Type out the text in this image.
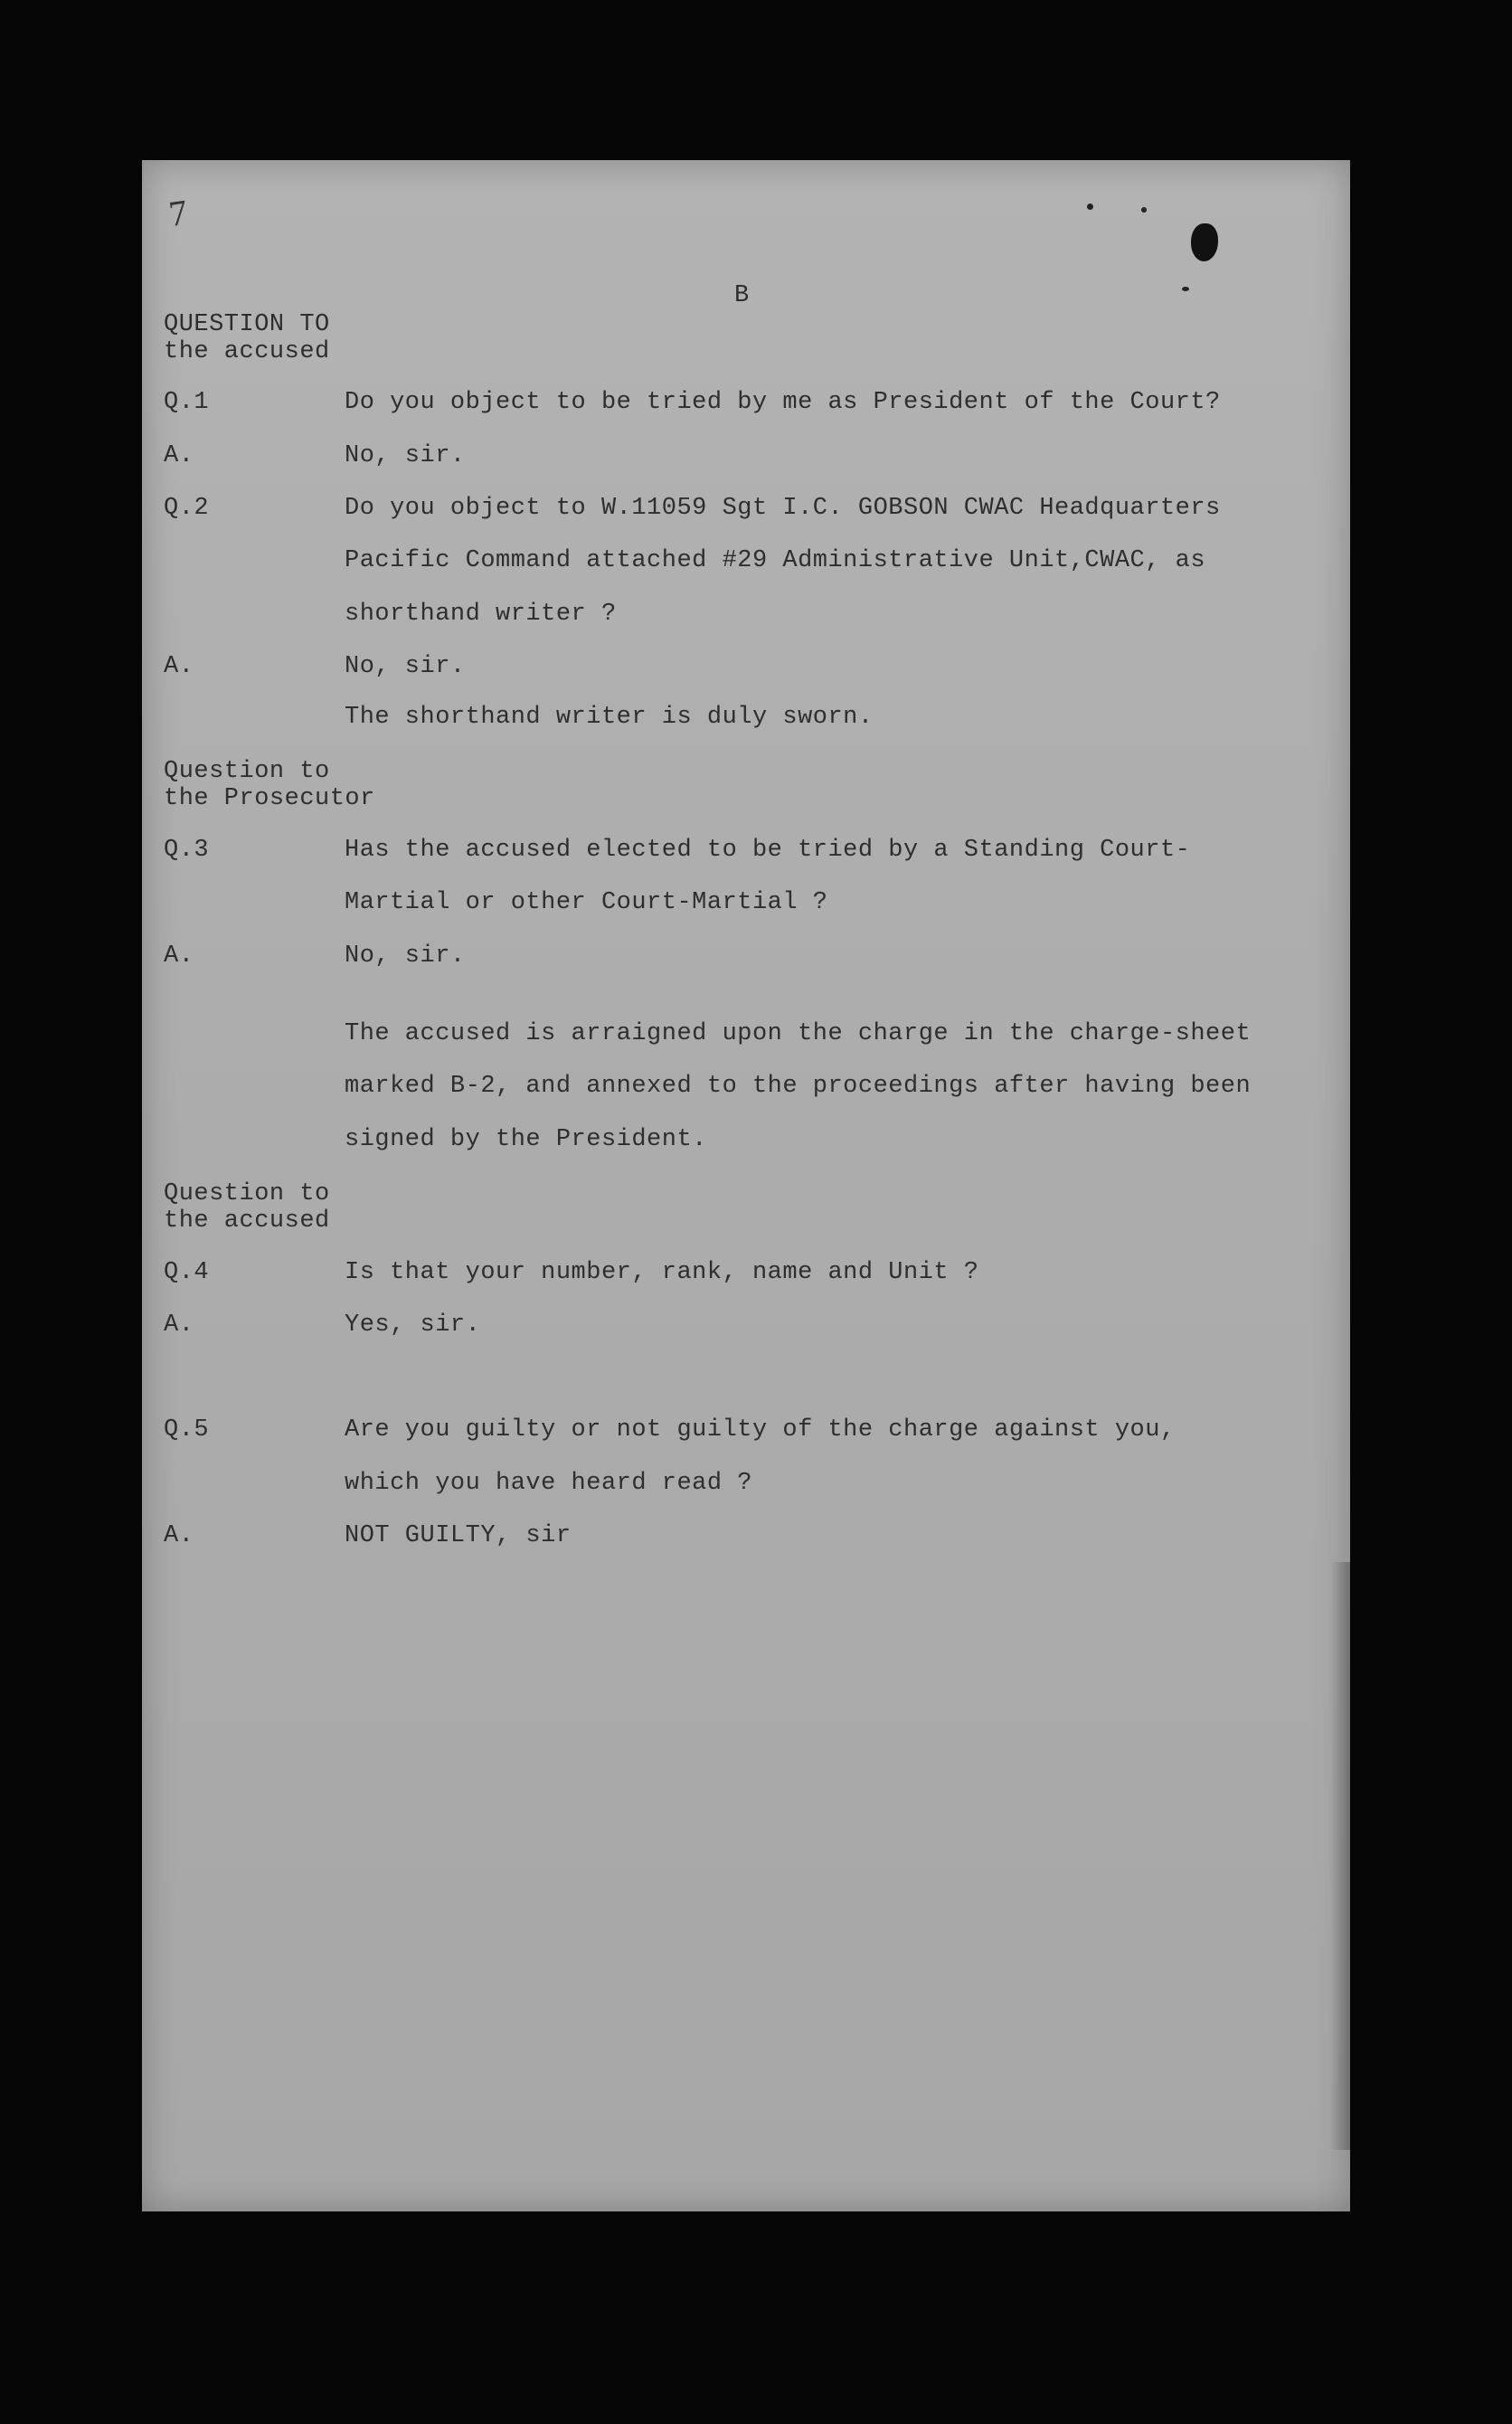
7
B
QUESTION TO
the accused
Q.1	Do you object to be tried by me as President of the Court?
A.	No, sir.
Q.2	Do you object to W.11059 Sgt I.C. GOBSON CWAC Headquarters
Pacific Command attached #29 Administrative Unit,CWAC, as
shorthand writer ?
A.	No, sir.
The shorthand writer is duly sworn.
Question to
the Prosecutor
Q.3	Has the accused elected to be tried by a Standing Court-
Martial or other Court-Martial ?
A.	No, sir.
The accused is arraigned upon the charge in the charge-sheet
marked B-2, and annexed to the proceedings after having been
signed by the President.
Question to
the accused
Q.4	Is that your number, rank, name and Unit ?
A.	Yes, sir.
Q.5	Are you guilty or not guilty of the charge against you,
which you have heard read ?
A.	NOT GUILTY, sir
